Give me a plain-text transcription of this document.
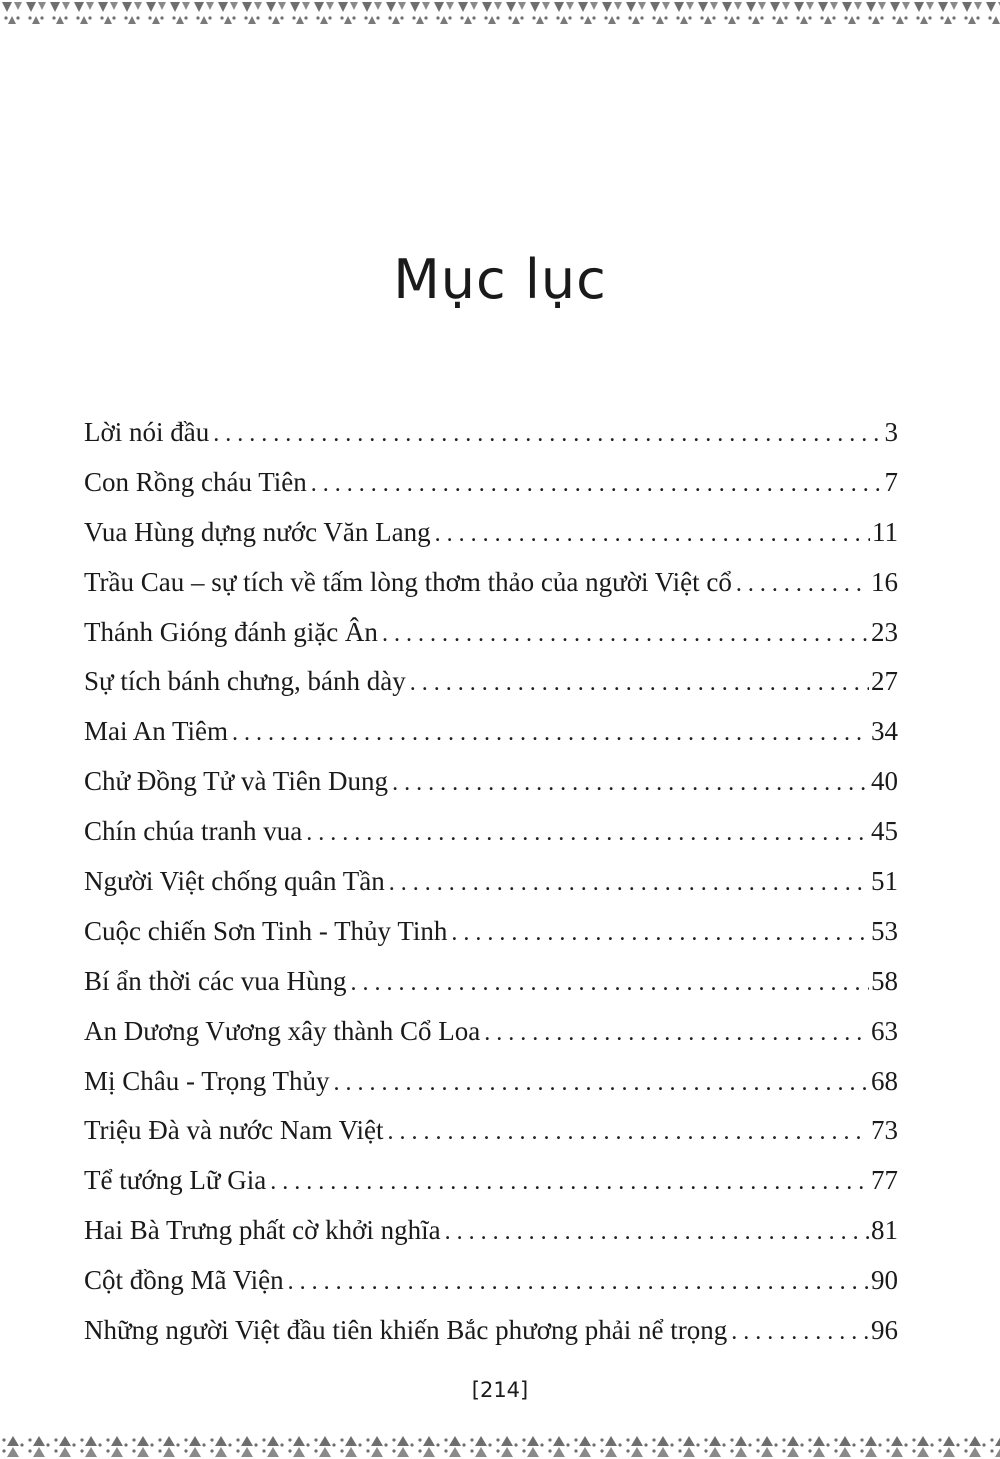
Mục lục
Lời nói đầu . . .	3
Con Rồng cháu Tiên . . .	7
Vua Hùng dựng nước Văn Lang . . .	11
Trầu Cau – sự tích về tấm lòng thơm thảo của người Việt cổ . . .	16
Thánh Gióng đánh giặc Ân . . .	23
Sự tích bánh chưng, bánh dày . . .	27
Mai An Tiêm . . .	34
Chử Đồng Tử và Tiên Dung . . .	40
Chín chúa tranh vua . . .	45
Người Việt chống quân Tần . . .	51
Cuộc chiến Sơn Tinh - Thủy Tinh . . .	53
Bí ẩn thời các vua Hùng . . .	58
An Dương Vương xây thành Cổ Loa . . .	63
Mị Châu - Trọng Thủy . . .	68
Triệu Đà và nước Nam Việt . . .	73
Tể tướng Lữ Gia . . .	77
Hai Bà Trưng phất cờ khởi nghĩa . . .	81
Cột đồng Mã Viện . . .	90
Những người Việt đầu tiên khiến Bắc phương phải nể trọng . . .	96
[214]
